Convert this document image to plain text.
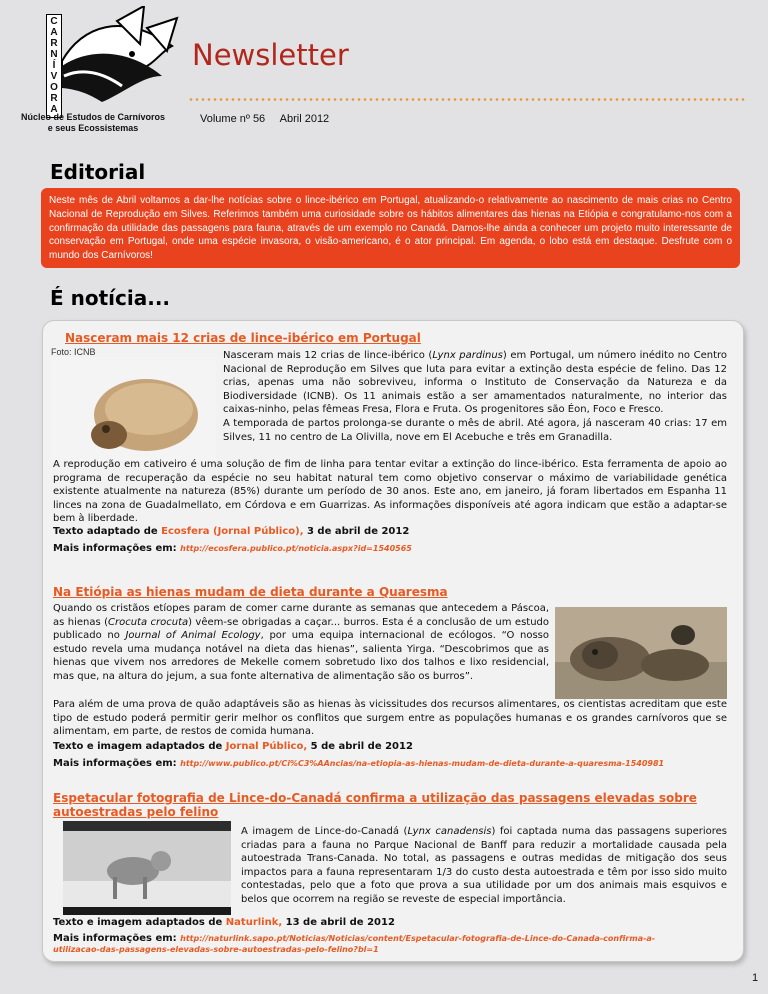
C
A
R
N
Í
V
O
R
A
Núcleo de Estudos de Carnívoros
e seus Ecossistemas
Newsletter
Volume nº 56 Abril 2012
Editorial
Neste mês de Abril voltamos a dar-lhe notícias sobre o lince-ibérico em Portugal, atualizando-o relativamente ao nascimento de mais crias no Centro Nacional de Reprodução em Silves. Referimos também uma curiosidade sobre os hábitos alimentares das hienas na Etiópia e congratulamo-nos com a confirmação da utilidade das passagens para fauna, através de um exemplo no Canadá. Damos-lhe ainda a conhecer um projeto muito interessante de conservação em Portugal, onde uma espécie invasora, o visão-americano, é o ator principal. Em agenda, o lobo está em destaque. Desfrute com o mundo dos Carnívoros!
É notícia...
Nasceram mais 12 crias de lince-ibérico em Portugal
Foto: ICNB	Nasceram mais 12 crias de lince-ibérico (Lynx pardinus) em Portugal, um número inédito no Centro Nacional de Reprodução em Silves que luta para evitar a extinção desta espécie de felino. Das 12 crias, apenas uma não sobreviveu, informa o Instituto de Conservação da Natureza e da Biodiversidade (ICNB). Os 11 animais estão a ser amamentados naturalmente, no interior das caixas-ninho, pelas fêmeas Fresa, Flora e Fruta. Os progenitores são Éon, Foco e Fresco.

A temporada de partos prolonga-se durante o mês de abril. Até agora, já nasceram 40 crias: 17 em Silves, 11 no centro de La Olivilla, nove em El Acebuche e três em Granadilla.

A reprodução em cativeiro é uma solução de fim de linha para tentar evitar a extinção do lince-ibérico. Esta ferramenta de apoio ao programa de recuperação da espécie no seu habitat natural tem como objetivo conservar o máximo de variabilidade genética existente atualmente na natureza (85%) durante um período de 30 anos. Este ano, em janeiro, já foram libertados em Espanha 11 linces na zona de Guadalmellato, em Córdova e em Guarrizas. As informações disponíveis até agora indicam que estão a adaptar-se bem à liberdade.

Texto adaptado de Ecosfera (Jornal Público), 3 de abril de 2012
Mais informações em: http://ecosfera.publico.pt/noticia.aspx?id=1540565
Na Etiópia as hienas mudam de dieta durante a Quaresma

Quando os cristãos etíopes param de comer carne durante as semanas que antecedem a Páscoa, as hienas (Crocuta crocuta) vêem-se obrigadas a caçar... burros. Esta é a conclusão de um estudo publicado no Journal of Animal Ecology, por uma equipa internacional de ecólogos. “O nosso estudo revela uma mudança notável na dieta das hienas”, salienta Yirga. “Descobrimos que as hienas que vivem nos arredores de Mekelle comem sobretudo lixo dos talhos e lixo residencial, mas que, na altura do jejum, a sua fonte alternativa de alimentação são os burros”.

Para além de uma prova de quão adaptáveis são as hienas às vicissitudes dos recursos alimentares, os cientistas acreditam que este tipo de estudo poderá permitir gerir melhor os conflitos que surgem entre as populações humanas e os grandes carnívoros que se alimentam, em parte, de restos de comida humana.

Texto e imagem adaptados de Jornal Público, 5 de abril de 2012
Mais informações em: http://www.publico.pt/Ci%C3%AAncias/na-etiopia-as-hienas-mudam-de-dieta-durante-a-quaresma-1540981
Espetacular fotografia de Lince-do-Canadá confirma a utilização das passagens elevadas sobre
autoestradas pelo felino

A imagem de Lince-do-Canadá (Lynx canadensis) foi captada numa das passagens superiores criadas para a fauna no Parque Nacional de Banff para reduzir a mortalidade causada pela autoestrada Trans-Canada. No total, as passagens e outras medidas de mitigação dos seus impactos para a fauna representaram 1/3 do custo desta autoestrada e têm por isso sido muito contestadas, pelo que a foto que prova a sua utilidade por um dos animais mais esquivos e belos que ocorrem na região se reveste de especial importância.

Texto e imagem adaptados de Naturlink, 13 de abril de 2012
Mais informações em: http://naturlink.sapo.pt/Noticias/Noticias/content/Espetacular-fotografia-de-Lince-do-Canada-confirma-a-
utilizacao-das-passagens-elevadas-sobre-autoestradas-pelo-felino?bl=1
1
